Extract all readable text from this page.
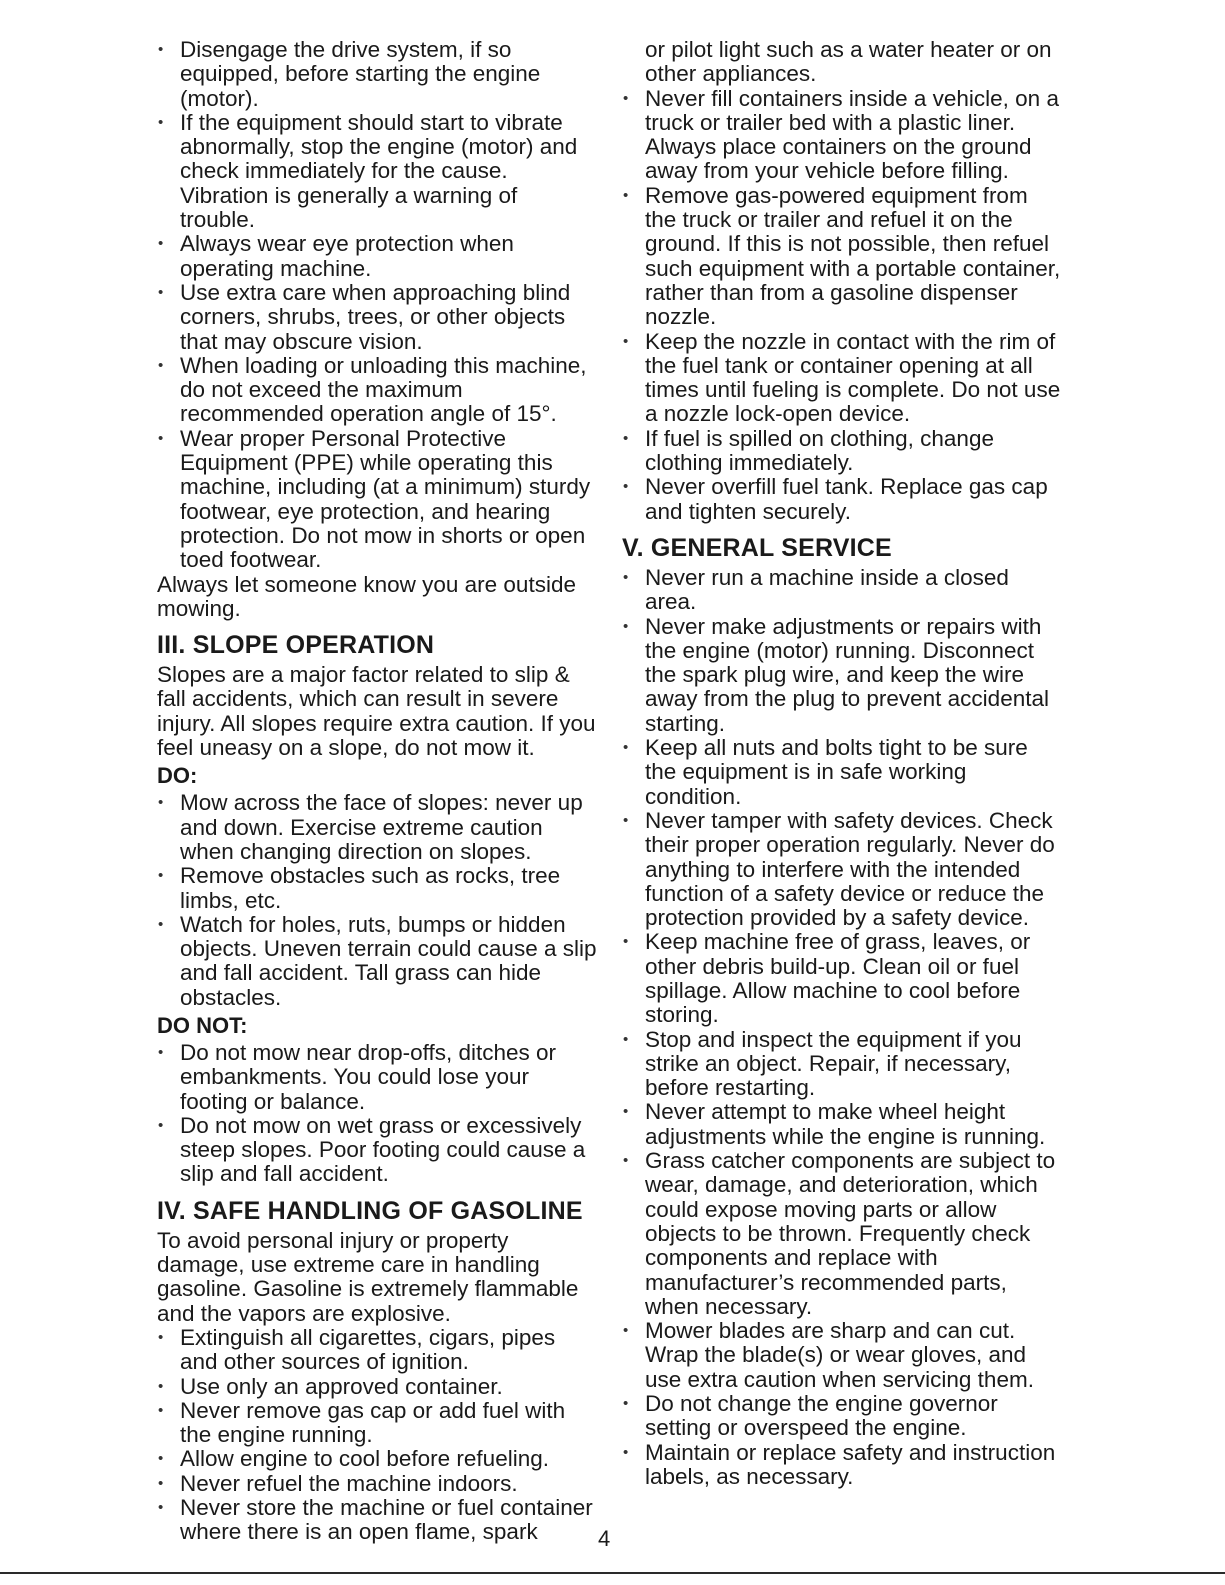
• Disengage the drive system, if so equipped, before starting the engine (motor).
• If the equipment should start to vibrate abnormally, stop the engine (motor) and check immediately for the cause. Vibration is generally a warning of trouble.
• Always wear eye protection when operating machine.
• Use extra care when approaching blind corners, shrubs, trees, or other objects that may obscure vision.
• When loading or unloading this machine, do not exceed the maximum recommended operation angle of 15°.
• Wear proper Personal Protective Equipment (PPE) while operating this machine, including (at a minimum) sturdy footwear, eye protection, and hearing protection. Do not mow in shorts or open toed footwear.

Always let someone know you are outside mowing.

III. SLOPE OPERATION

Slopes are a major factor related to slip & fall accidents, which can result in severe injury. All slopes require extra caution. If you feel uneasy on a slope, do not mow it.

DO:
• Mow across the face of slopes: never up and down. Exercise extreme caution when changing direction on slopes.
• Remove obstacles such as rocks, tree limbs, etc.
• Watch for holes, ruts, bumps or hidden objects. Uneven terrain could cause a slip and fall accident. Tall grass can hide obstacles.
DO NOT:
• Do not mow near drop-offs, ditches or embankments. You could lose your footing or balance.
• Do not mow on wet grass or excessively steep slopes. Poor footing could cause a slip and fall accident.
IV. SAFE HANDLING OF GASOLINE

To avoid personal injury or property damage, use extreme care in handling gasoline. Gasoline is extremely flammable and the vapors are explosive.

• Extinguish all cigarettes, cigars, pipes and other sources of ignition.
• Use only an approved container.
• Never remove gas cap or add fuel with the engine running.
• Allow engine to cool before refueling.
• Never refuel the machine indoors.
• Never store the machine or fuel container where there is an open flame, spark

or pilot light such as a water heater or on other appliances.

• Never fill containers inside a vehicle, on a truck or trailer bed with a plastic liner. Always place containers on the ground away from your vehicle before filling.
• Remove gas-powered equipment from the truck or trailer and refuel it on the ground. If this is not possible, then refuel such equipment with a portable container, rather than from a gasoline dispenser nozzle.
• Keep the nozzle in contact with the rim of the fuel tank or container opening at all times until fueling is complete. Do not use a nozzle lock-open device.
• If fuel is spilled on clothing, change clothing immediately.
• Never overfill fuel tank. Replace gas cap and tighten securely.
V. GENERAL SERVICE
• Never run a machine inside a closed area.
• Never make adjustments or repairs with the engine (motor) running. Disconnect the spark plug wire, and keep the wire away from the plug to prevent accidental starting.
• Keep all nuts and bolts tight to be sure the equipment is in safe working condition.
• Never tamper with safety devices. Check their proper operation regularly. Never do anything to interfere with the intended function of a safety device or reduce the protection provided by a safety device.
• Keep machine free of grass, leaves, or other debris build-up. Clean oil or fuel spillage. Allow machine to cool before storing.
• Stop and inspect the equipment if you strike an object. Repair, if necessary, before restarting.
• Never attempt to make wheel height adjustments while the engine is running.
• Grass catcher components are subject to wear, damage, and deterioration, which could expose moving parts or allow objects to be thrown. Frequently check components and replace with manufacturer’s recommended parts, when necessary.
• Mower blades are sharp and can cut. Wrap the blade(s) or wear gloves, and use extra caution when servicing them.
• Do not change the engine governor setting or overspeed the engine.
• Maintain or replace safety and instruction labels, as necessary.
4
